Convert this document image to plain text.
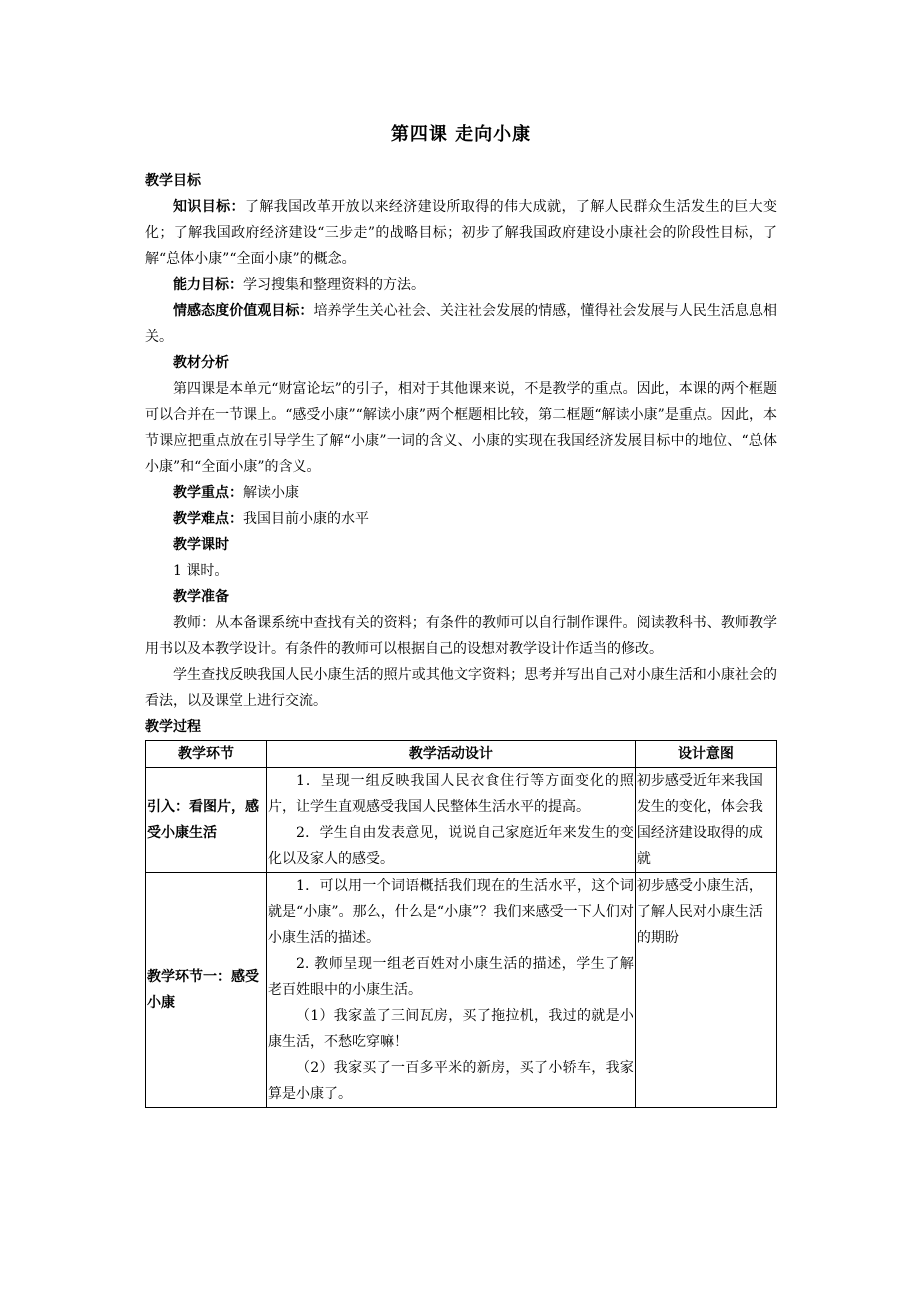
第四课 走向小康

教学目标

知识目标：了解我国改革开放以来经济建设所取得的伟大成就，了解人民群众生活发生的巨大变化；了解我国政府经济建设“三步走”的战略目标；初步了解我国政府建设小康社会的阶段性目标，了解“总体小康”“全面小康”的概念。

能力目标：学习搜集和整理资料的方法。

情感态度价值观目标：培养学生关心社会、关注社会发展的情感，懂得社会发展与人民生活息息相关。

教材分析

第四课是本单元“财富论坛”的引子，相对于其他课来说，不是教学的重点。因此，本课的两个框题可以合并在一节课上。“感受小康”“解读小康”两个框题相比较，第二框题“解读小康”是重点。因此，本节课应把重点放在引导学生了解“小康”一词的含义、小康的实现在我国经济发展目标中的地位、“总体小康”和“全面小康”的含义。

教学重点：解读小康

教学难点：我国目前小康的水平

教学课时

1 课时。

教学准备

教师：从本备课系统中查找有关的资料；有条件的教师可以自行制作课件。阅读教科书、教师教学用书以及本教学设计。有条件的教师可以根据自己的设想对教学设计作适当的修改。

学生查找反映我国人民小康生活的照片或其他文字资料；思考并写出自己对小康生活和小康社会的看法，以及课堂上进行交流。

教学过程

教学环节	教学活动设计	设计意图
引入：看图片，感受小康生活	1．呈现一组反映我国人民衣食住行等方面变化的照片，让学生直观感受我国人民整体生活水平的提高。

2．学生自由发表意见，说说自己家庭近年来发生的变化以及家人的感受。	初步感受近年来我国发生的变化，体会我国经济建设取得的成就
教学环节一：感受小康	1．可以用一个词语概括我们现在的生活水平，这个词就是“小康”。那么，什么是“小康”？我们来感受一下人们对小康生活的描述。

2. 教师呈现一组老百姓对小康生活的描述，学生了解老百姓眼中的小康生活。

（1）我家盖了三间瓦房，买了拖拉机，我过的就是小康生活，不愁吃穿嘛！

（2）我家买了一百多平米的新房，买了小轿车，我家算是小康了。	初步感受小康生活，了解人民对小康生活的期盼
